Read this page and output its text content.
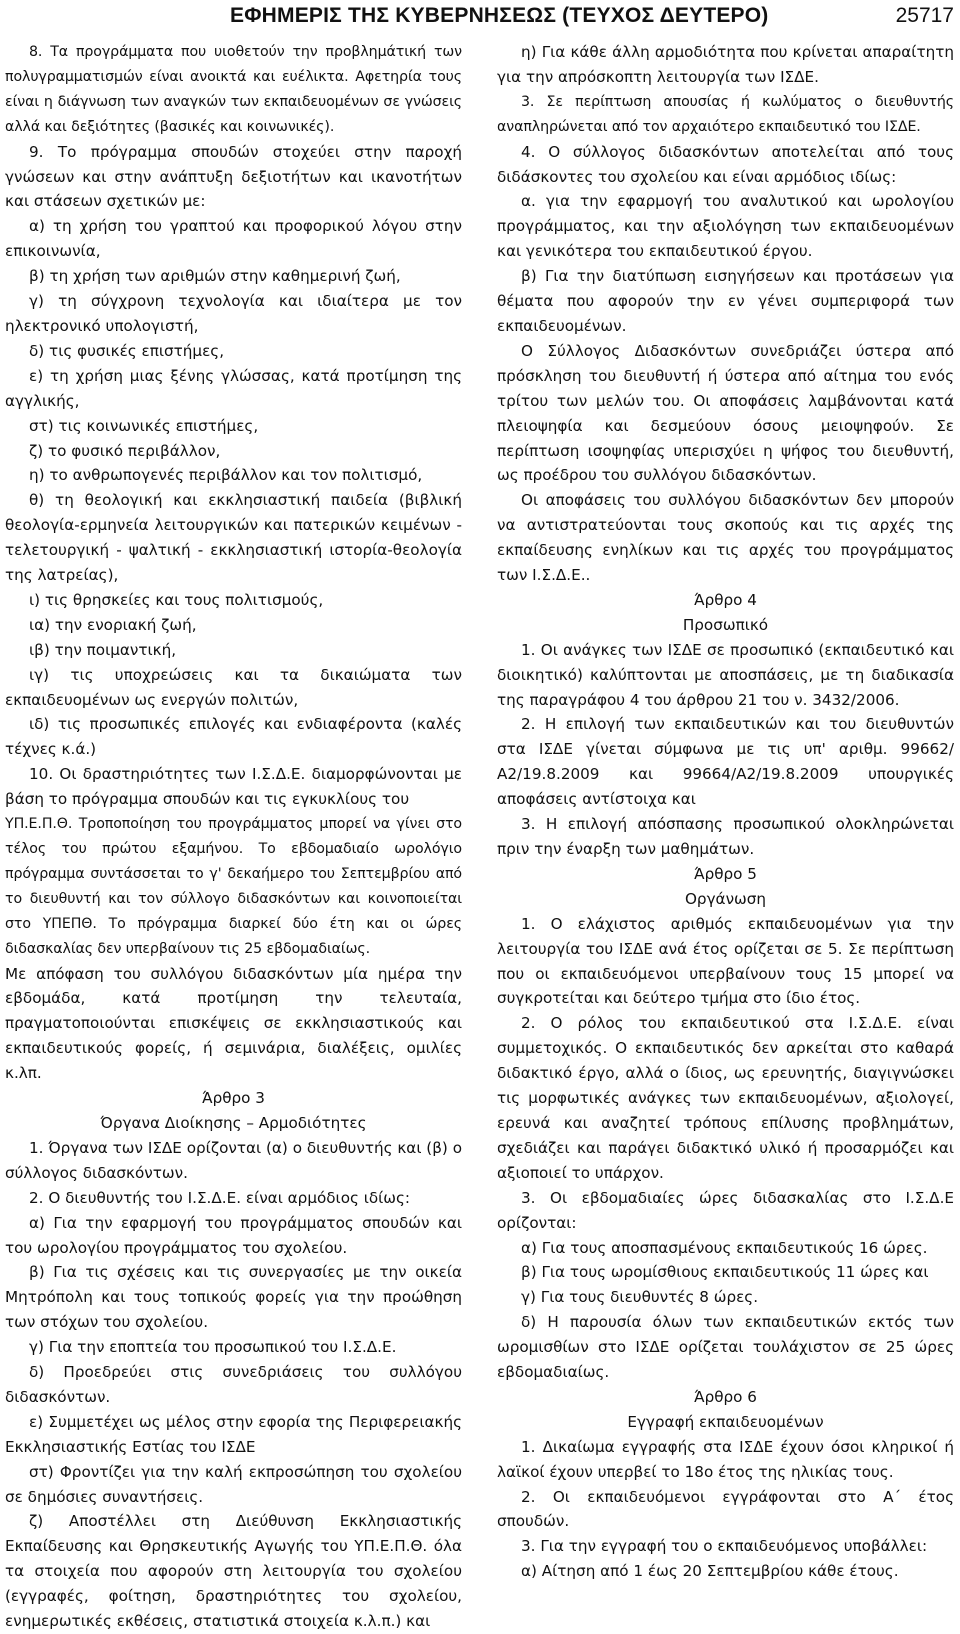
ΕΦΗΜΕΡΙΣ ΤΗΣ ΚΥΒΕΡΝΗΣΕΩΣ (ΤΕΥΧΟΣ ΔΕΥΤΕΡΟ)	25717

8. Τα προγράμματα που υιοθετούν την προβλημάτική των πολυγραμματισμών είναι ανοικτά και ευέλικτα. Αφετηρία τους είναι η διάγνωση των αναγκών των εκπαιδευομένων σε γνώσεις αλλά και δεξιότητες (βασικές και κοινωνικές).

9. Το πρόγραμμα σπουδών στοχεύει στην παροχή γνώσεων και στην ανάπτυξη δεξιοτήτων και ικανοτήτων και στάσεων σχετικών με:

α) τη χρήση του γραπτού και προφορικού λόγου στην επικοινωνία,

β) τη χρήση των αριθμών στην καθημερινή ζωή,

γ) τη σύγχρονη τεχνολογία και ιδιαίτερα με τον ηλεκτρονικό υπολογιστή,

δ) τις φυσικές επιστήμες,

ε) τη χρήση μιας ξένης γλώσσας, κατά προτίμηση της αγγλικής,

στ) τις κοινωνικές επιστήμες,

ζ) το φυσικό περιβάλλον,

η) το ανθρωπογενές περιβάλλον και τον πολιτισμό,

θ) τη θεολογική και εκκλησιαστική παιδεία (βιβλική θεολογία-ερμηνεία λειτουργικών και πατερικών κειμένων - τελετουργική - ψαλτική - εκκλησιαστική ιστορία-θεολογία της λατρείας),

ι) τις θρησκείες και τους πολιτισμούς,

ια) την ενοριακή ζωή,

ιβ) την ποιμαντική,

ιγ) τις υποχρεώσεις και τα δικαιώματα των εκπαιδευομένων ως ενεργών πολιτών,

ιδ) τις προσωπικές επιλογές και ενδιαφέροντα (καλές τέχνες κ.ά.)

10. Οι δραστηριότητες των Ι.Σ.Δ.Ε. διαμορφώνονται με βάση το πρόγραμμα σπουδών και τις εγκυκλίους του

ΥΠ.Ε.Π.Θ. Τροποποίηση του προγράμματος μπορεί να γίνει στο τέλος του πρώτου εξαμήνου. Το εβδομαδιαίο ωρολόγιο πρόγραμμα συντάσσεται το γ' δεκαήμερο του Σεπτεμβρίου από το διευθυντή και τον σύλλογο διδασκόντων και κοινοποιείται στο ΥΠΕΠΘ. Το πρόγραμμα διαρκεί δύο έτη και οι ώρες διδασκαλίας δεν υπερβαίνουν τις 25 εβδομαδιαίως.

Με απόφαση του συλλόγου διδασκόντων μία ημέρα την εβδομάδα, κατά προτίμηση την τελευταία, πραγματοποιούνται επισκέψεις σε εκκλησιαστικούς και εκπαιδευτικούς φορείς, ή σεμινάρια, διαλέξεις, ομιλίες κ.λπ.

Άρθρο 3

Όργανα Διοίκησης – Αρμοδιότητες

1. Όργανα των ΙΣΔΕ ορίζονται (α) ο διευθυντής και (β) ο σύλλογος διδασκόντων.

2. Ο διευθυντής του Ι.Σ.Δ.Ε. είναι αρμόδιος ιδίως:

α) Για την εφαρμογή του προγράμματος σπουδών και του ωρολογίου προγράμματος του σχολείου.

β) Για τις σχέσεις και τις συνεργασίες με την οικεία Μητρόπολη και τους τοπικούς φορείς για την προώθηση των στόχων του σχολείου.

γ) Για την εποπτεία του προσωπικού του Ι.Σ.Δ.Ε.

δ) Προεδρεύει στις συνεδριάσεις του συλλόγου διδασκόντων.

ε) Συμμετέχει ως μέλος στην εφορία της Περιφερειακής Εκκλησιαστικής Εστίας του ΙΣΔΕ

στ) Φροντίζει για την καλή εκπροσώπηση του σχολείου σε δημόσιες συναντήσεις.

ζ) Αποστέλλει στη Διεύθυνση Εκκλησιαστικής Εκπαίδευσης και Θρησκευτικής Αγωγής του ΥΠ.Ε.Π.Θ. όλα τα στοιχεία που αφορούν στη λειτουργία του σχολείου (εγγραφές, φοίτηση, δραστηριότητες του σχολείου, ενημερωτικές εκθέσεις, στατιστικά στοιχεία κ.λ.π.) και

η) Για κάθε άλλη αρμοδιότητα που κρίνεται απαραίτητη για την απρόσκοπτη λειτουργία των ΙΣΔΕ.

3. Σε περίπτωση απουσίας ή κωλύματος ο διευθυντής αναπληρώνεται από τον αρχαιότερο εκπαιδευτικό του ΙΣΔΕ.

4. Ο σύλλογος διδασκόντων αποτελείται από τους διδάσκοντες του σχολείου και είναι αρμόδιος ιδίως:

α. για την εφαρμογή του αναλυτικού και ωρολογίου προγράμματος, και την αξιολόγηση των εκπαιδευομένων και γενικότερα του εκπαιδευτικού έργου.

β) Για την διατύπωση εισηγήσεων και προτάσεων για θέματα που αφορούν την εν γένει συμπεριφορά των εκπαιδευομένων.

Ο Σύλλογος Διδασκόντων συνεδριάζει ύστερα από πρόσκληση του διευθυντή ή ύστερα από αίτημα του ενός τρίτου των μελών του. Οι αποφάσεις λαμβάνονται κατά πλειοψηφία και δεσμεύουν όσους μειοψηφούν. Σε περίπτωση ισοψηφίας υπερισχύει η ψήφος του διευθυντή, ως προέδρου του συλλόγου διδασκόντων.

Οι αποφάσεις του συλλόγου διδασκόντων δεν μπορούν να αντιστρατεύονται τους σκοπούς και τις αρχές της εκπαίδευσης ενηλίκων και τις αρχές του προγράμματος των Ι.Σ.Δ.Ε..

Άρθρο 4

Προσωπικό

1. Οι ανάγκες των ΙΣΔΕ σε προσωπικό (εκπαιδευτικό και διοικητικό) καλύπτονται με αποσπάσεις, με τη διαδικασία της παραγράφου 4 του άρθρου 21 του ν. 3432/2006.

2. Η επιλογή των εκπαιδευτικών και του διευθυντών στα ΙΣΔΕ γίνεται σύμφωνα με τις υπ' αριθμ. 99662/Α2/19.8.2009 και 99664/Α2/19.8.2009 υπουργικές αποφάσεις αντίστοιχα και

3. Η επιλογή απόσπασης προσωπικού ολοκληρώνεται πριν την έναρξη των μαθημάτων.

Άρθρο 5

Οργάνωση

1. Ο ελάχιστος αριθμός εκπαιδευομένων για την λειτουργία του ΙΣΔΕ ανά έτος ορίζεται σε 5. Σε περίπτωση που οι εκπαιδευόμενοι υπερβαίνουν τους 15 μπορεί να συγκροτείται και δεύτερο τμήμα στο ίδιο έτος.

2. Ο ρόλος του εκπαιδευτικού στα Ι.Σ.Δ.Ε. είναι συμμετοχικός. Ο εκπαιδευτικός δεν αρκείται στο καθαρά διδακτικό έργο, αλλά ο ίδιος, ως ερευνητής, διαγιγνώσκει τις μορφωτικές ανάγκες των εκπαιδευομένων, αξιολογεί, ερευνά και αναζητεί τρόπους επίλυσης προβλημάτων, σχεδιάζει και παράγει διδακτικό υλικό ή προσαρμόζει και αξιοποιεί το υπάρχον.

3. Οι εβδομαδιαίες ώρες διδασκαλίας στο Ι.Σ.Δ.Ε ορίζονται:

α) Για τους αποσπασμένους εκπαιδευτικούς 16 ώρες.

β) Για τους ωρομίσθιους εκπαιδευτικούς 11 ώρες και

γ) Για τους διευθυντές 8 ώρες.

δ) Η παρουσία όλων των εκπαιδευτικών εκτός των ωρομισθίων στο ΙΣΔΕ ορίζεται τουλάχιστον σε 25 ώρες εβδομαδιαίως.

Άρθρο 6

Εγγραφή εκπαιδευομένων

1. Δικαίωμα εγγραφής στα ΙΣΔΕ έχουν όσοι κληρικοί ή λαϊκοί έχουν υπερβεί το 18ο έτος της ηλικίας τους.

2. Οι εκπαιδευόμενοι εγγράφονται στο Α΄ έτος σπουδών.

3. Για την εγγραφή του ο εκπαιδευόμενος υποβάλλει:

α) Αίτηση από 1 έως 20 Σεπτεμβρίου κάθε έτους.
